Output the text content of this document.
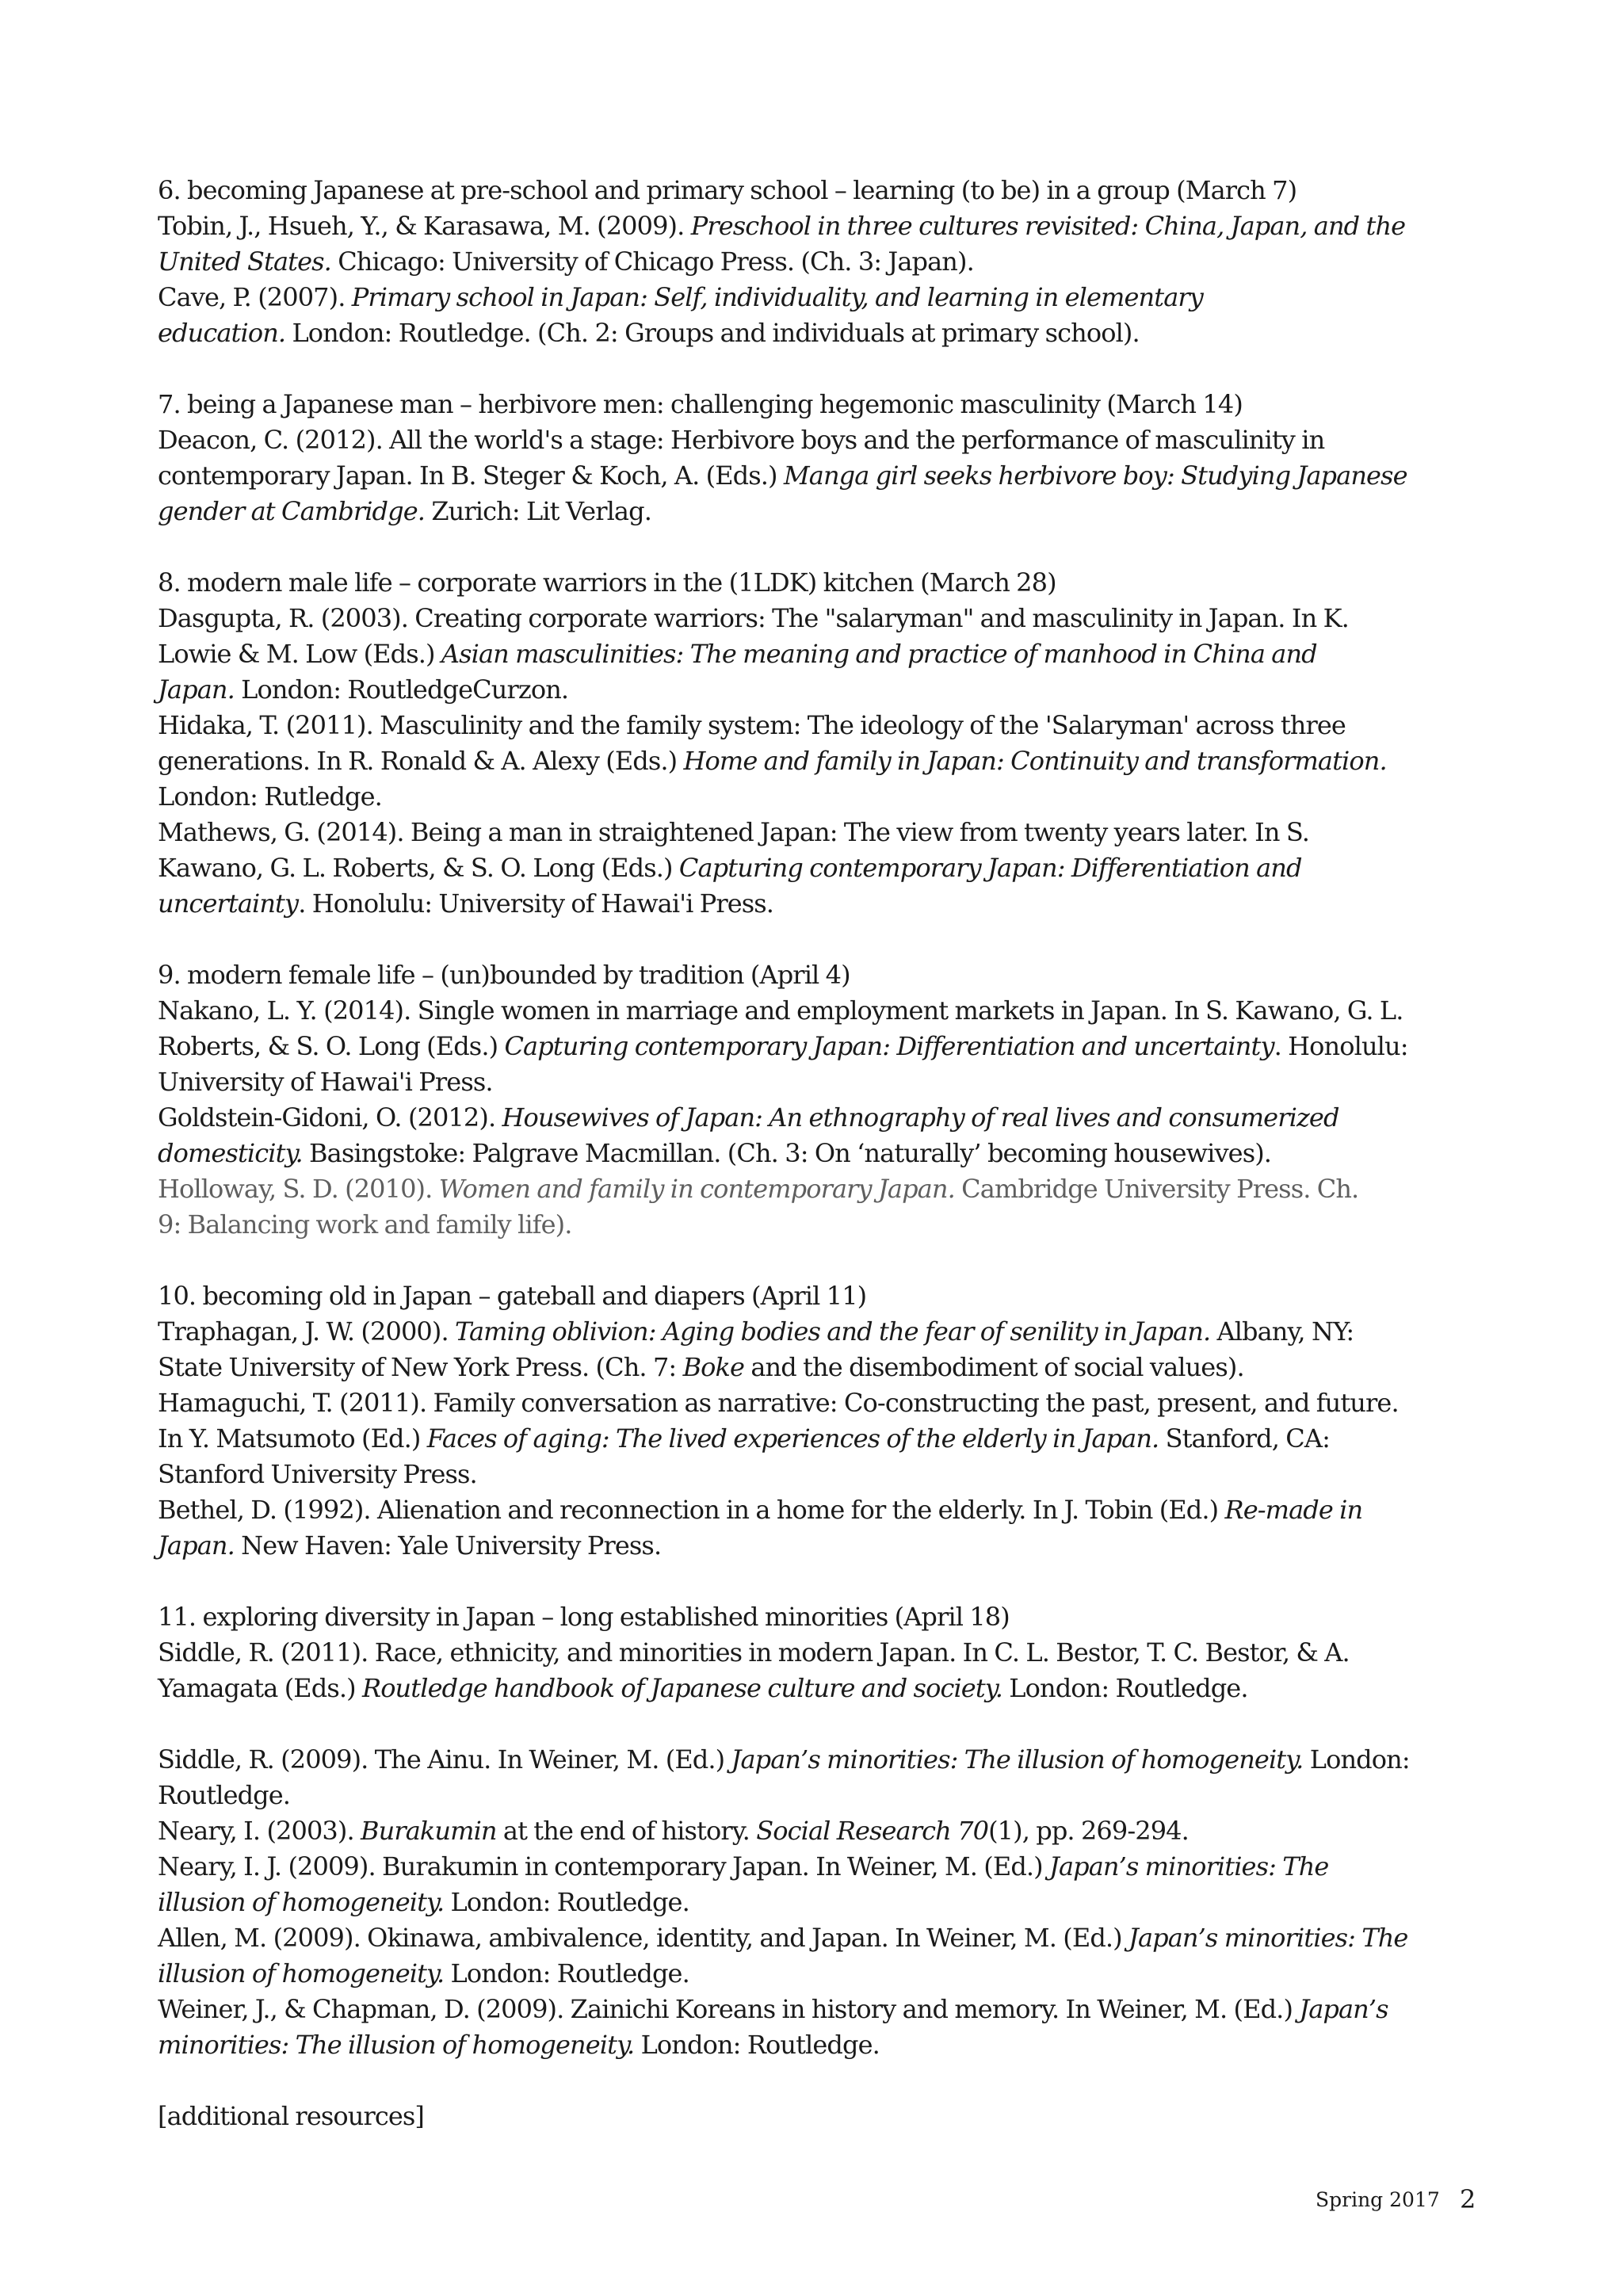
6. becoming Japanese at pre-school and primary school – learning (to be) in a group (March 7)
Tobin, J., Hsueh, Y., & Karasawa, M. (2009). Preschool in three cultures revisited: China, Japan, and the
United States. Chicago: University of Chicago Press. (Ch. 3: Japan).
Cave, P. (2007). Primary school in Japan: Self, individuality, and learning in elementary
education. London: Routledge. (Ch. 2: Groups and individuals at primary school).
7. being a Japanese man – herbivore men: challenging hegemonic masculinity (March 14)
Deacon, C. (2012). All the world's a stage: Herbivore boys and the performance of masculinity in
contemporary Japan. In B. Steger & Koch, A. (Eds.) Manga girl seeks herbivore boy: Studying Japanese
gender at Cambridge. Zurich: Lit Verlag.
8. modern male life – corporate warriors in the (1LDK) kitchen (March 28)
Dasgupta, R. (2003). Creating corporate warriors: The "salaryman" and masculinity in Japan. In K.
Lowie & M. Low (Eds.) Asian masculinities: The meaning and practice of manhood in China and
Japan. London: RoutledgeCurzon.
Hidaka, T. (2011). Masculinity and the family system: The ideology of the 'Salaryman' across three
generations. In R. Ronald & A. Alexy (Eds.) Home and family in Japan: Continuity and transformation.
London: Rutledge.
Mathews, G. (2014). Being a man in straightened Japan: The view from twenty years later. In S.
Kawano, G. L. Roberts, & S. O. Long (Eds.) Capturing contemporary Japan: Differentiation and
uncertainty. Honolulu: University of Hawai'i Press.
9. modern female life – (un)bounded by tradition (April 4)
Nakano, L. Y. (2014). Single women in marriage and employment markets in Japan. In S. Kawano, G. L.
Roberts, & S. O. Long (Eds.) Capturing contemporary Japan: Differentiation and uncertainty. Honolulu:
University of Hawai'i Press.
Goldstein-Gidoni, O. (2012). Housewives of Japan: An ethnography of real lives and consumerized
domesticity. Basingstoke: Palgrave Macmillan. (Ch. 3: On ‘naturally’ becoming housewives).
Holloway, S. D. (2010). Women and family in contemporary Japan. Cambridge University Press. Ch.
9: Balancing work and family life).
10. becoming old in Japan – gateball and diapers (April 11)
Traphagan, J. W. (2000). Taming oblivion: Aging bodies and the fear of senility in Japan. Albany, NY:
State University of New York Press. (Ch. 7: Boke and the disembodiment of social values).
Hamaguchi, T. (2011). Family conversation as narrative: Co-constructing the past, present, and future.
In Y. Matsumoto (Ed.) Faces of aging: The lived experiences of the elderly in Japan. Stanford, CA:
Stanford University Press.
Bethel, D. (1992). Alienation and reconnection in a home for the elderly. In J. Tobin (Ed.) Re-made in
Japan. New Haven: Yale University Press.
11. exploring diversity in Japan – long established minorities (April 18)
Siddle, R. (2011). Race, ethnicity, and minorities in modern Japan. In C. L. Bestor, T. C. Bestor, & A.
Yamagata (Eds.) Routledge handbook of Japanese culture and society. London: Routledge.
Siddle, R. (2009). The Ainu. In Weiner, M. (Ed.) Japan’s minorities: The illusion of homogeneity. London:
Routledge.
Neary, I. (2003). Burakumin at the end of history. Social Research 70(1), pp. 269-294.
Neary, I. J. (2009). Burakumin in contemporary Japan. In Weiner, M. (Ed.) Japan’s minorities: The
illusion of homogeneity. London: Routledge.
Allen, M. (2009). Okinawa, ambivalence, identity, and Japan. In Weiner, M. (Ed.) Japan’s minorities: The
illusion of homogeneity. London: Routledge.
Weiner, J., & Chapman, D. (2009). Zainichi Koreans in history and memory. In Weiner, M. (Ed.) Japan’s
minorities: The illusion of homogeneity. London: Routledge.
[additional resources]
Spring 2017 2
